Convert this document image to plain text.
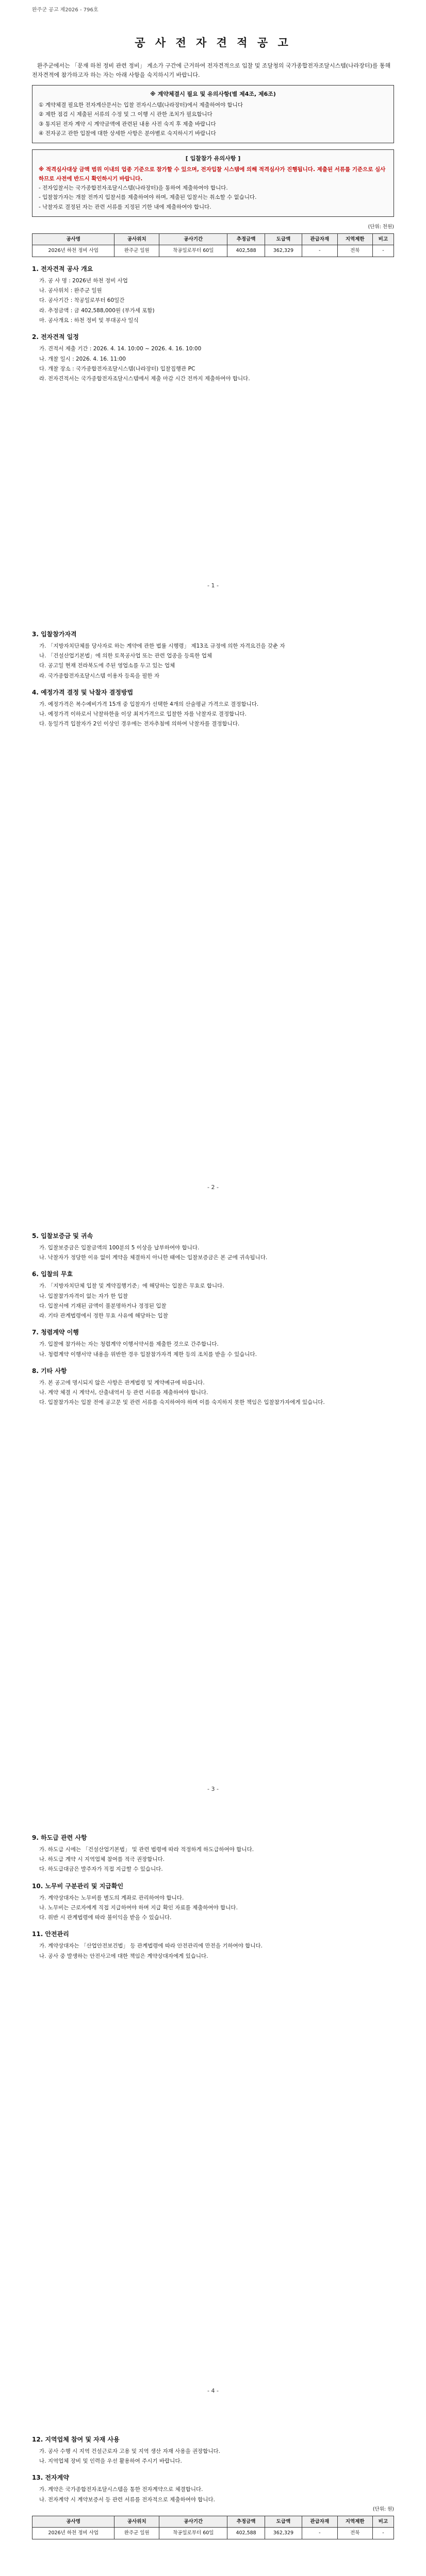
완주군 공고 제2026 - 796호
공 사 전 자 견 적 공 고

완주군에서는 「문재 하천 정비 관련 정비」 계소가 구간에 근거하여 전자견적으로 입찰 및 조달청의 국가종합전자조달시스템(나라장터)를 통해 전자견적에 참가하고자 하는 자는 아래 사항을 숙지하시기 바랍니다.

※ 계약체결시 필요 및 유의사항(별 제4조, 제6조)

① 계약체결 필요한 전자계산문서는 입찰 전자시스템(나라장터)에서 제출하여야 합니다

② 제한 점검 시 제출된 서류의 수정 및 그 이행 시 관한 조치가 필요합니다

③ 통지된 전자 계약 시 계약금액에 관련된 내용 사전 숙지 후 제출 바랍니다

④ 전자공고 관한 입찰에 대한 상세한 사항은 분야별로 숙지하시기 바랍니다

[ 입찰참가 유의사항 ]

※ 적격심사대상 금액 범위 이내의 업종 기준으로 참가할 수 있으며, 전자입찰 시스템에 의해 적격심사가 진행됩니다. 제출된 서류를 기준으로 심사하므로 사전에 반드시 확인하시기 바랍니다.

- 전자입찰서는 국가종합전자조달시스템(나라장터)을 통하여 제출하여야 합니다.

- 입찰참가자는 개찰 전까지 입찰서를 제출하여야 하며, 제출된 입찰서는 취소할 수 없습니다.

- 낙찰자로 결정된 자는 관련 서류를 지정된 기한 내에 제출하여야 합니다.

(단위: 천원)
공사명	공사위치	공사기간	추정금액	도급액	관급자재	지역제한	비고
2026년 하천 정비 사업	완주군 일원	착공일로부터 60일	402,588	362,329	-	전북	-
1. 전자견적 공사 개요

가. 공 사 명 : 2026년 하천 정비 사업

나. 공사위치 : 완주군 일원

다. 공사기간 : 착공일로부터 60일간

라. 추정금액 : 금 402,588,000원 (부가세 포함)

마. 공사개요 : 하천 정비 및 부대공사 일식

2. 전자견적 일정

가. 견적서 제출 기간 : 2026. 4. 14. 10:00 ~ 2026. 4. 16. 10:00

나. 개찰 일시 : 2026. 4. 16. 11:00

다. 개찰 장소 : 국가종합전자조달시스템(나라장터) 입찰집행관 PC

라. 전자견적서는 국가종합전자조달시스템에서 제출 마감 시간 전까지 제출하여야 합니다.

- 1 -
3. 입찰참가자격

가. 「지방자치단체를 당사자로 하는 계약에 관한 법률 시행령」 제13조 규정에 의한 자격요건을 갖춘 자

나. 「건설산업기본법」에 의한 토목공사업 또는 관련 업종을 등록한 업체

다. 공고일 현재 전라북도에 주된 영업소를 두고 있는 업체

라. 국가종합전자조달시스템 이용자 등록을 필한 자

4. 예정가격 결정 및 낙찰자 결정방법

가. 예정가격은 복수예비가격 15개 중 입찰자가 선택한 4개의 산술평균 가격으로 결정합니다.

나. 예정가격 이하로서 낙찰하한율 이상 최저가격으로 입찰한 자를 낙찰자로 결정합니다.

다. 동일가격 입찰자가 2인 이상인 경우에는 전자추첨에 의하여 낙찰자를 결정합니다.

- 2 -
5. 입찰보증금 및 귀속

가. 입찰보증금은 입찰금액의 100분의 5 이상을 납부하여야 합니다.

나. 낙찰자가 정당한 이유 없이 계약을 체결하지 아니한 때에는 입찰보증금은 본 군에 귀속됩니다.

6. 입찰의 무효

가. 「지방자치단체 입찰 및 계약집행기준」에 해당하는 입찰은 무효로 합니다.

나. 입찰참가자격이 없는 자가 한 입찰

다. 입찰서에 기재된 금액이 불분명하거나 정정된 입찰

라. 기타 관계법령에서 정한 무효 사유에 해당하는 입찰

7. 청렴계약 이행

가. 입찰에 참가하는 자는 청렴계약 이행서약서를 제출한 것으로 간주합니다.

나. 청렴계약 이행서약 내용을 위반한 경우 입찰참가자격 제한 등의 조치를 받을 수 있습니다.

8. 기타 사항

가. 본 공고에 명시되지 않은 사항은 관계법령 및 계약예규에 따릅니다.

나. 계약 체결 시 계약서, 산출내역서 등 관련 서류를 제출하여야 합니다.

다. 입찰참가자는 입찰 전에 공고문 및 관련 서류를 숙지하여야 하며 이를 숙지하지 못한 책임은 입찰참가자에게 있습니다.

- 3 -
9. 하도급 관련 사항

가. 하도급 시에는 「건설산업기본법」 및 관련 법령에 따라 적정하게 하도급하여야 합니다.

나. 하도급 계약 시 지역업체 참여를 적극 권장합니다.

다. 하도급대금은 발주자가 직접 지급할 수 있습니다.

10. 노무비 구분관리 및 지급확인

가. 계약상대자는 노무비를 별도의 계좌로 관리하여야 합니다.

나. 노무비는 근로자에게 직접 지급하여야 하며 지급 확인 자료를 제출하여야 합니다.

다. 위반 시 관계법령에 따라 불이익을 받을 수 있습니다.

11. 안전관리

가. 계약상대자는 「산업안전보건법」 등 관계법령에 따라 안전관리에 만전을 기하여야 합니다.

나. 공사 중 발생하는 안전사고에 대한 책임은 계약상대자에게 있습니다.

- 4 -
12. 지역업체 참여 및 자재 사용

가. 공사 수행 시 지역 건설근로자 고용 및 지역 생산 자재 사용을 권장합니다.

나. 지역업체 장비 및 인력을 우선 활용하여 주시기 바랍니다.

13. 전자계약

가. 계약은 국가종합전자조달시스템을 통한 전자계약으로 체결합니다.

나. 전자계약 시 계약보증서 등 관련 서류를 전자적으로 제출하여야 합니다.

(단위: 원)
공사명	공사위치	공사기간	추정금액	도급액	관급자재	지역제한	비고
2026년 하천 정비 사업	완주군 일원	착공일로부터 60일	402,588	362,329	-	전북	-
